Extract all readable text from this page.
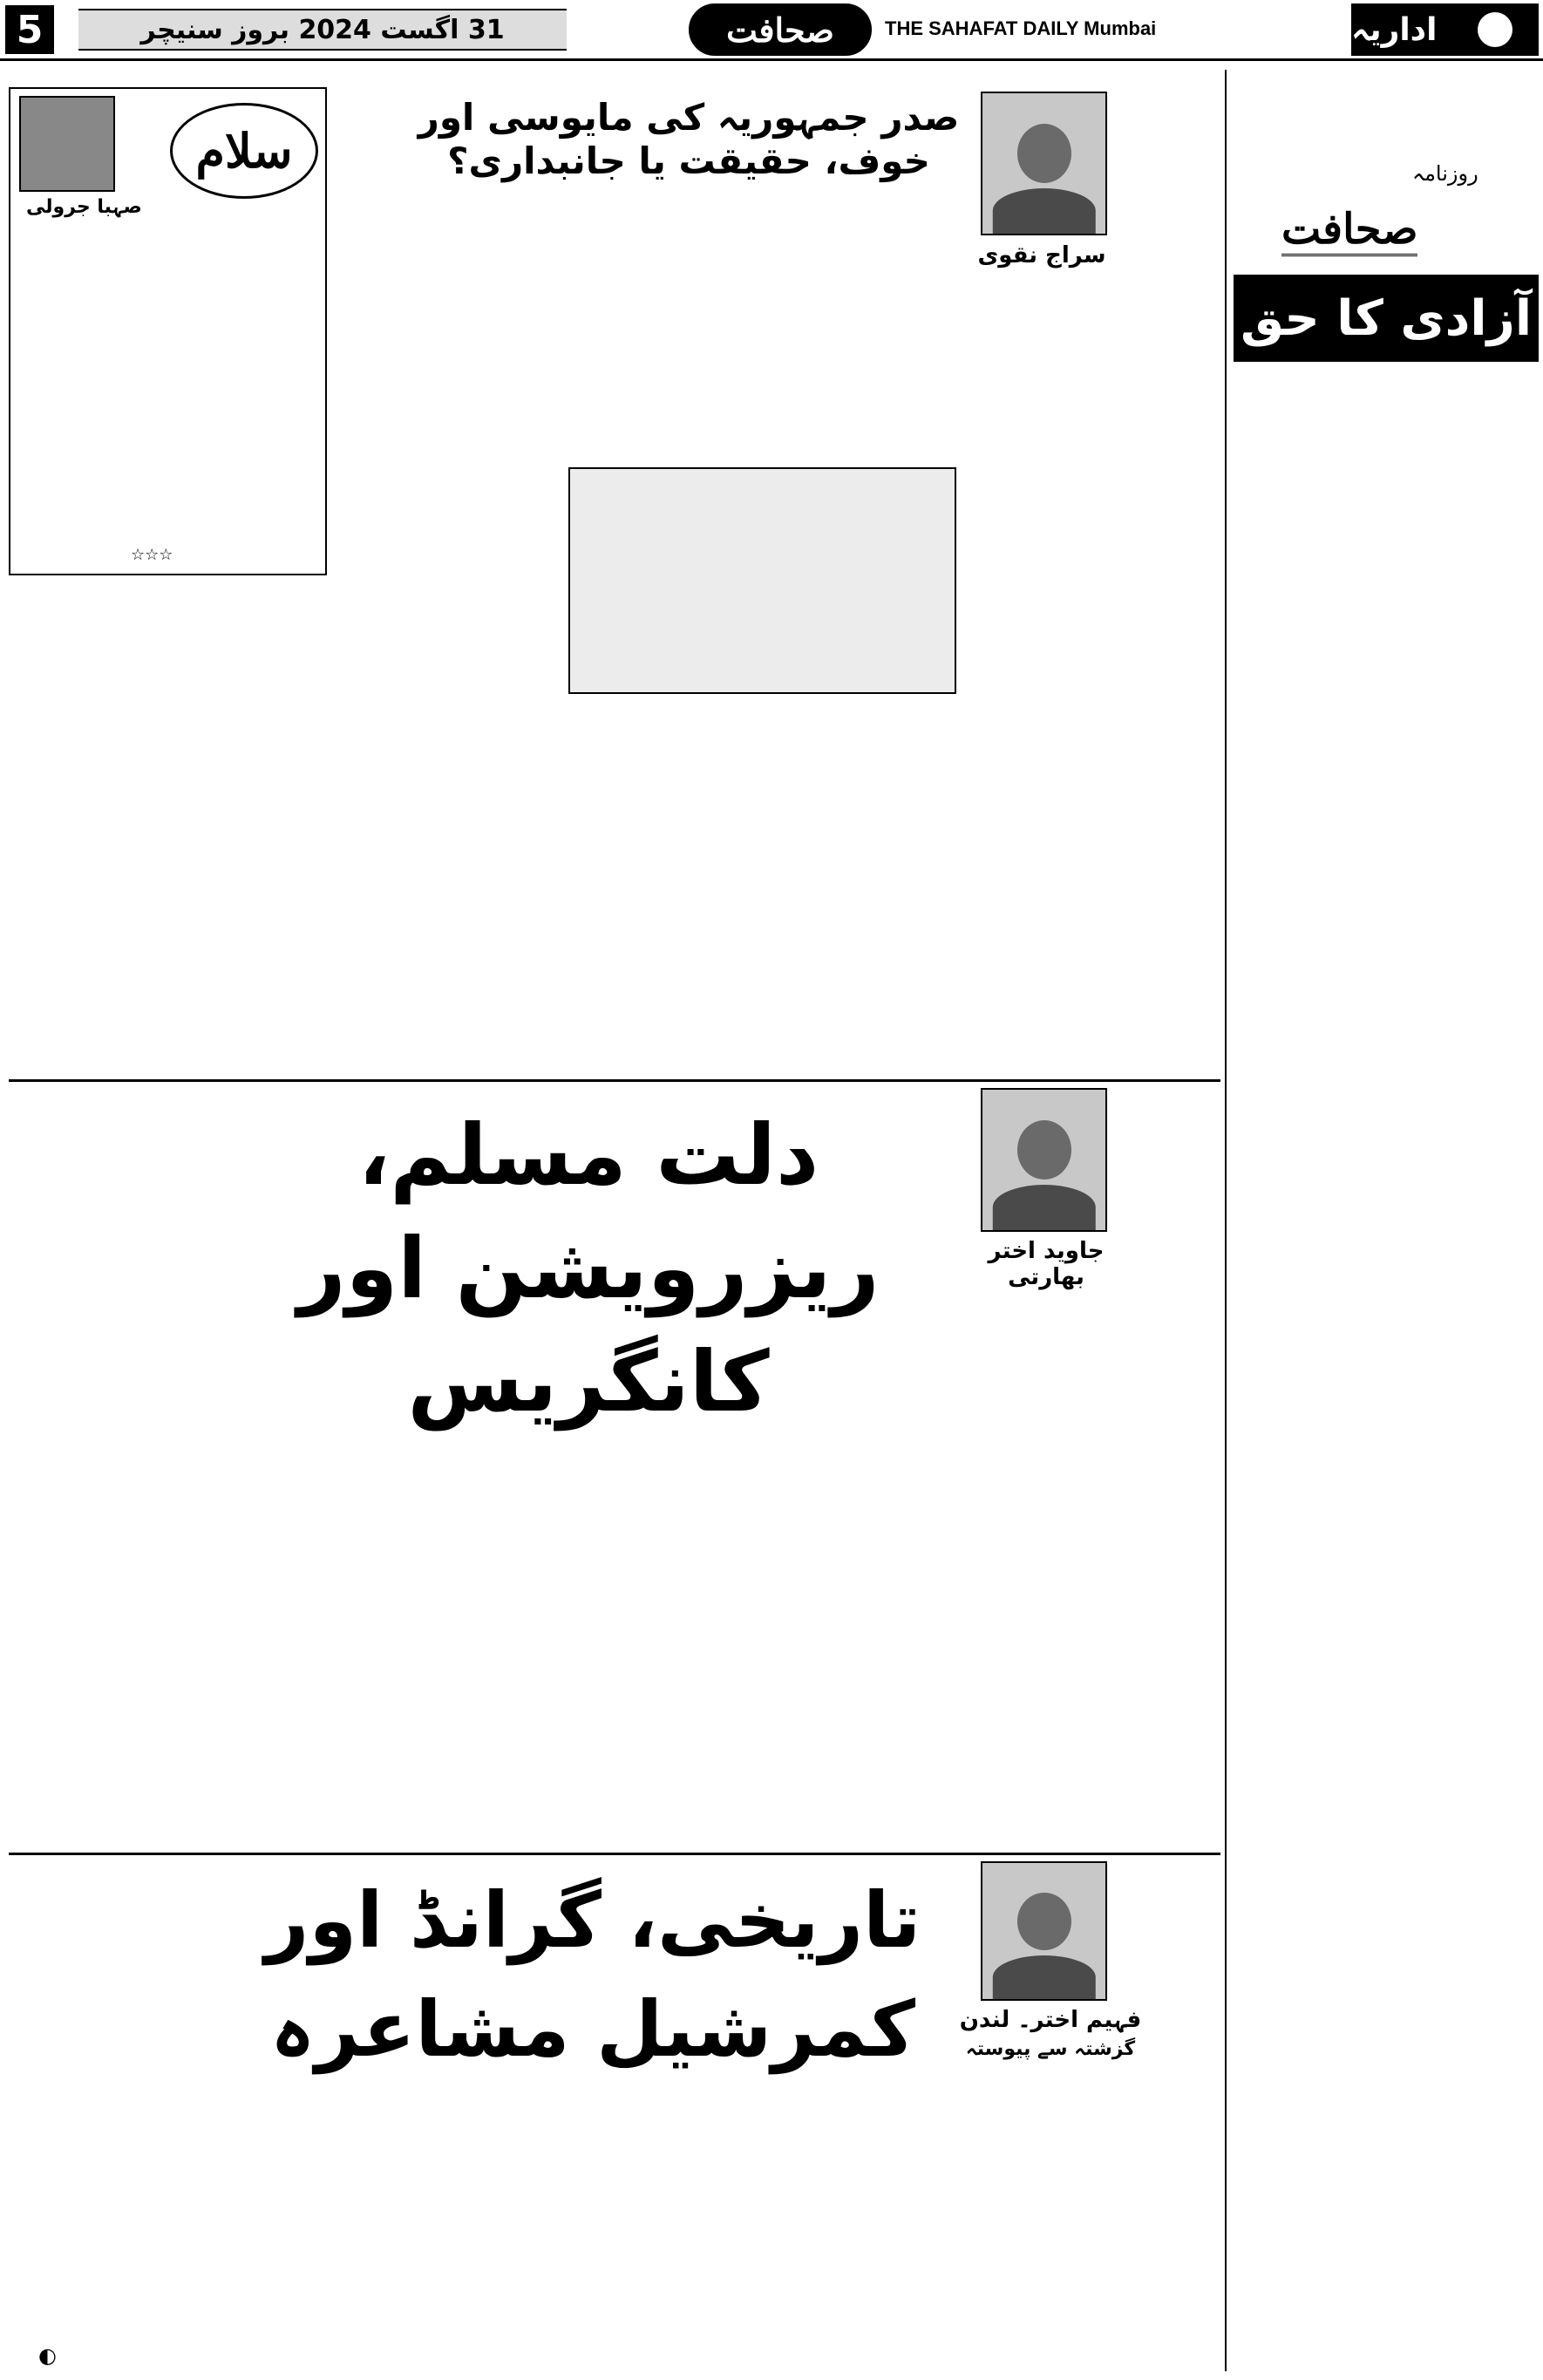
5	31 اگست 2024 بروز سنیچر	صحافت	THE SAHAFAT DAILY Mumbai	اداریہ
روزنامہ
صحافت
آزادی کا حق
صدر جمہوریہ کی مایوسی اور خوف، حقیقت یا جانبداری؟
سراج نقوی
سلام
صہبا جرولی
☆☆☆
دلت مسلم، ریزرویشن اور کانگریس
جاوید اختر بھارتی
تاریخی، گرانڈ اور کمرشیل مشاعرہ	فہیم اختر۔ لندن
گزشتہ سے پیوستہ
◐
